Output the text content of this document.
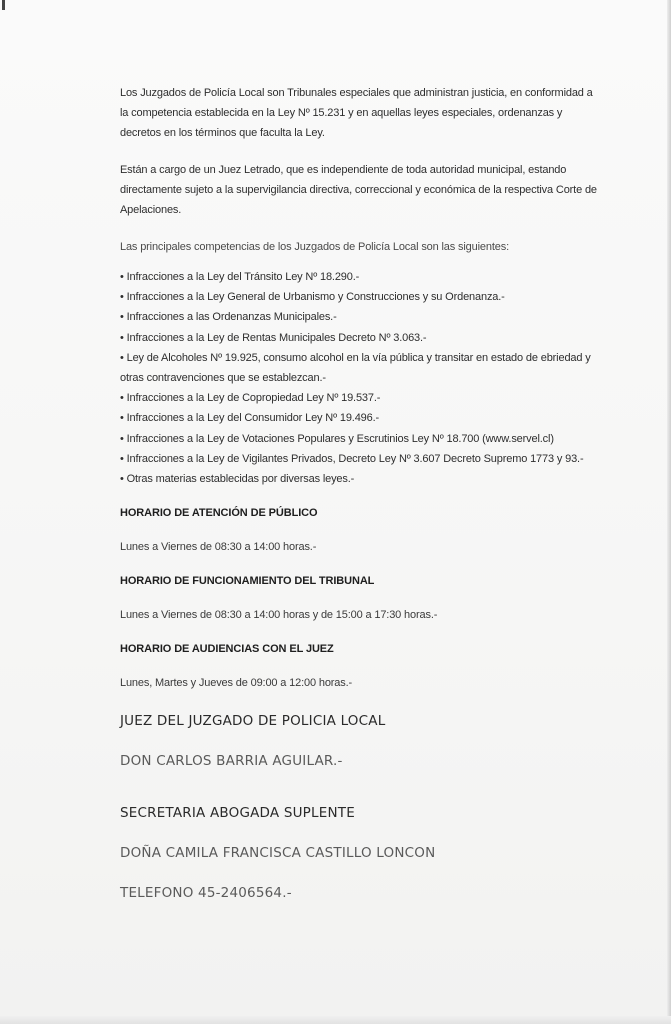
Los Juzgados de Policía Local son Tribunales especiales que administran justicia, en conformidad a la competencia establecida en la Ley Nº 15.231 y en aquellas leyes especiales, ordenanzas y decretos en los términos que faculta la Ley.

Están a cargo de un Juez Letrado, que es independiente de toda autoridad municipal, estando directamente sujeto a la supervigilancia directiva, correccional y económica de la respectiva Corte de Apelaciones.

Las principales competencias de los Juzgados de Policía Local son las siguientes:

• Infracciones a la Ley del Tránsito Ley Nº 18.290.-
• Infracciones a la Ley General de Urbanismo y Construcciones y su Ordenanza.-
• Infracciones a las Ordenanzas Municipales.-
• Infracciones a la Ley de Rentas Municipales Decreto Nº 3.063.-
• Ley de Alcoholes Nº 19.925, consumo alcohol en la vía pública y transitar en estado de ebriedad y otras contravenciones que se establezcan.-
• Infracciones a la Ley de Copropiedad Ley Nº 19.537.-
• Infracciones a la Ley del Consumidor Ley Nº 19.496.-
• Infracciones a la Ley de Votaciones Populares y Escrutinios Ley Nº 18.700 (www.servel.cl)
• Infracciones a la Ley de Vigilantes Privados, Decreto Ley Nº 3.607 Decreto Supremo 1773 y 93.-
• Otras materias establecidas por diversas leyes.-

HORARIO DE ATENCIÓN DE PÚBLICO

Lunes a Viernes de 08:30 a 14:00 horas.-

HORARIO DE FUNCIONAMIENTO DEL TRIBUNAL

Lunes a Viernes de 08:30 a 14:00 horas y de 15:00 a 17:30 horas.-

HORARIO DE AUDIENCIAS CON EL JUEZ

Lunes, Martes y Jueves de 09:00 a 12:00 horas.-

JUEZ DEL JUZGADO DE POLICIA LOCAL

DON CARLOS BARRIA AGUILAR.-

SECRETARIA ABOGADA SUPLENTE

DOÑA CAMILA FRANCISCA CASTILLO LONCON

TELEFONO 45-2406564.-
